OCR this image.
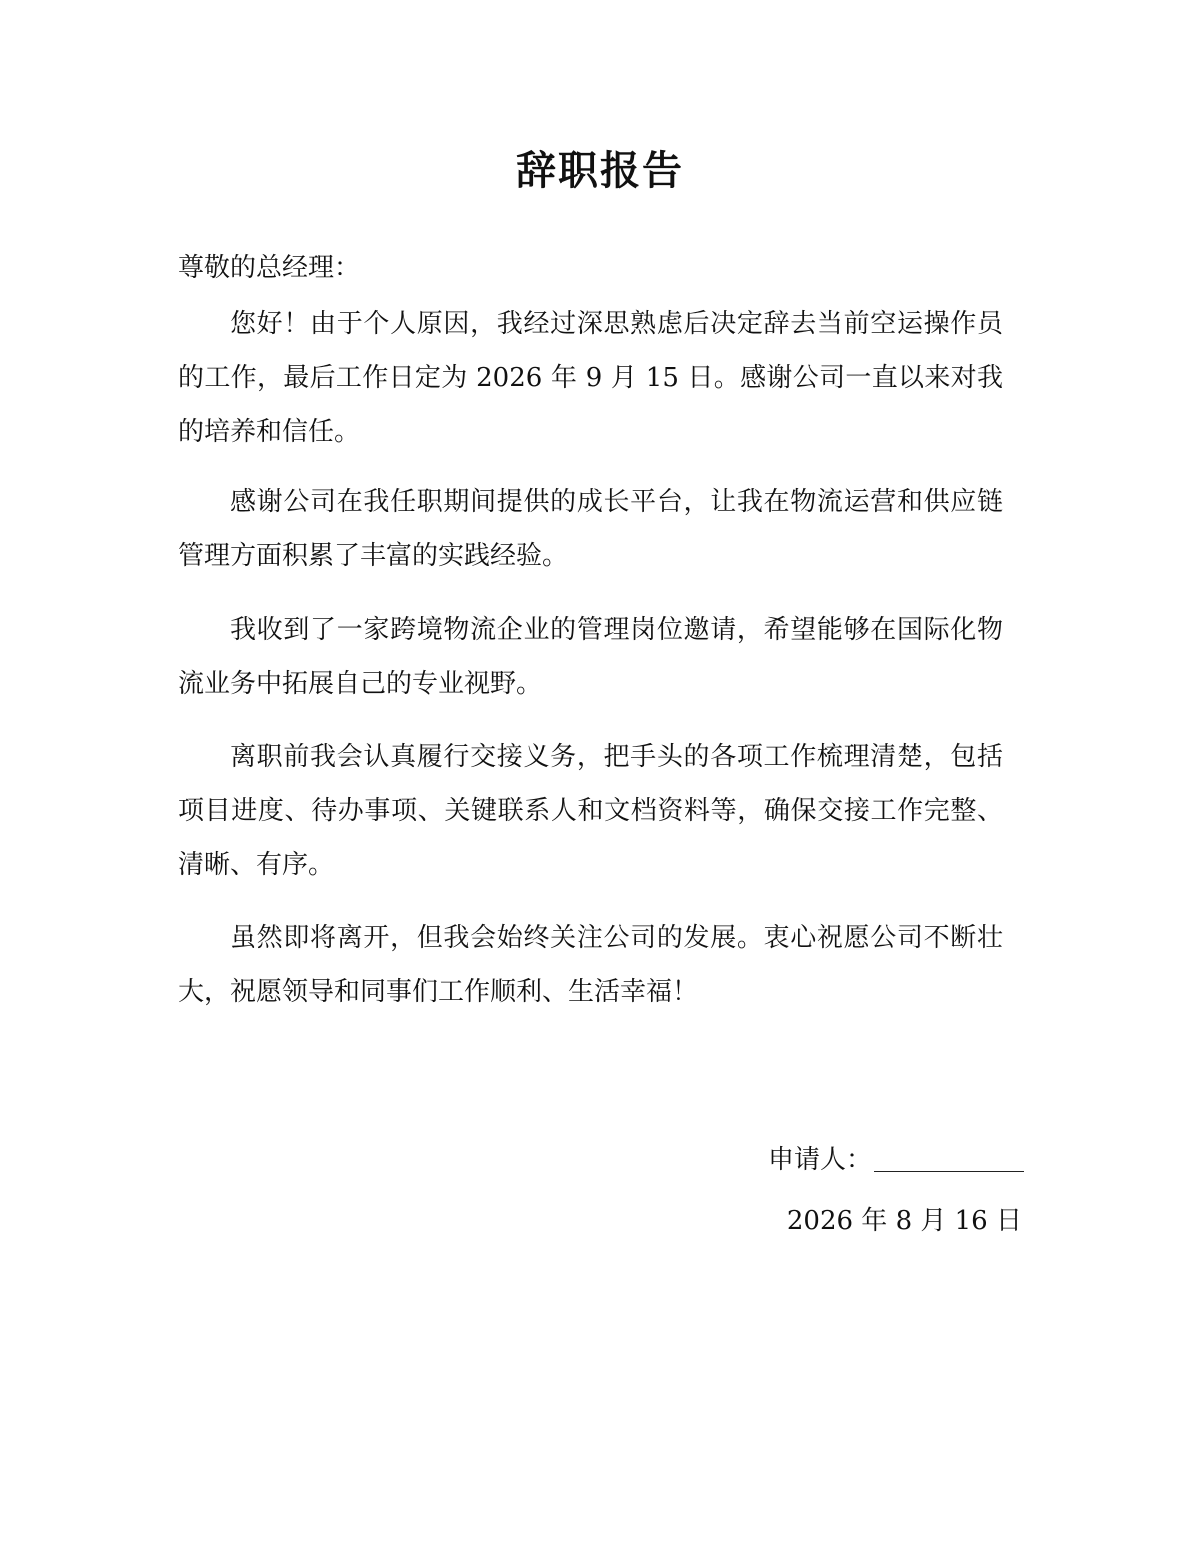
辞职报告

尊敬的总经理：

您好！由于个人原因，我经过深思熟虑后决定辞去当前空运操作员的工作，最后工作日定为 2026 年 9 月 15 日。感谢公司一直以来对我的培养和信任。

感谢公司在我任职期间提供的成长平台，让我在物流运营和供应链管理方面积累了丰富的实践经验。

我收到了一家跨境物流企业的管理岗位邀请，希望能够在国际化物流业务中拓展自己的专业视野。

离职前我会认真履行交接义务，把手头的各项工作梳理清楚，包括项目进度、待办事项、关键联系人和文档资料等，确保交接工作完整、清晰、有序。

虽然即将离开，但我会始终关注公司的发展。衷心祝愿公司不断壮大，祝愿领导和同事们工作顺利、生活幸福！

申请人：
2026 年 8 月 16 日
